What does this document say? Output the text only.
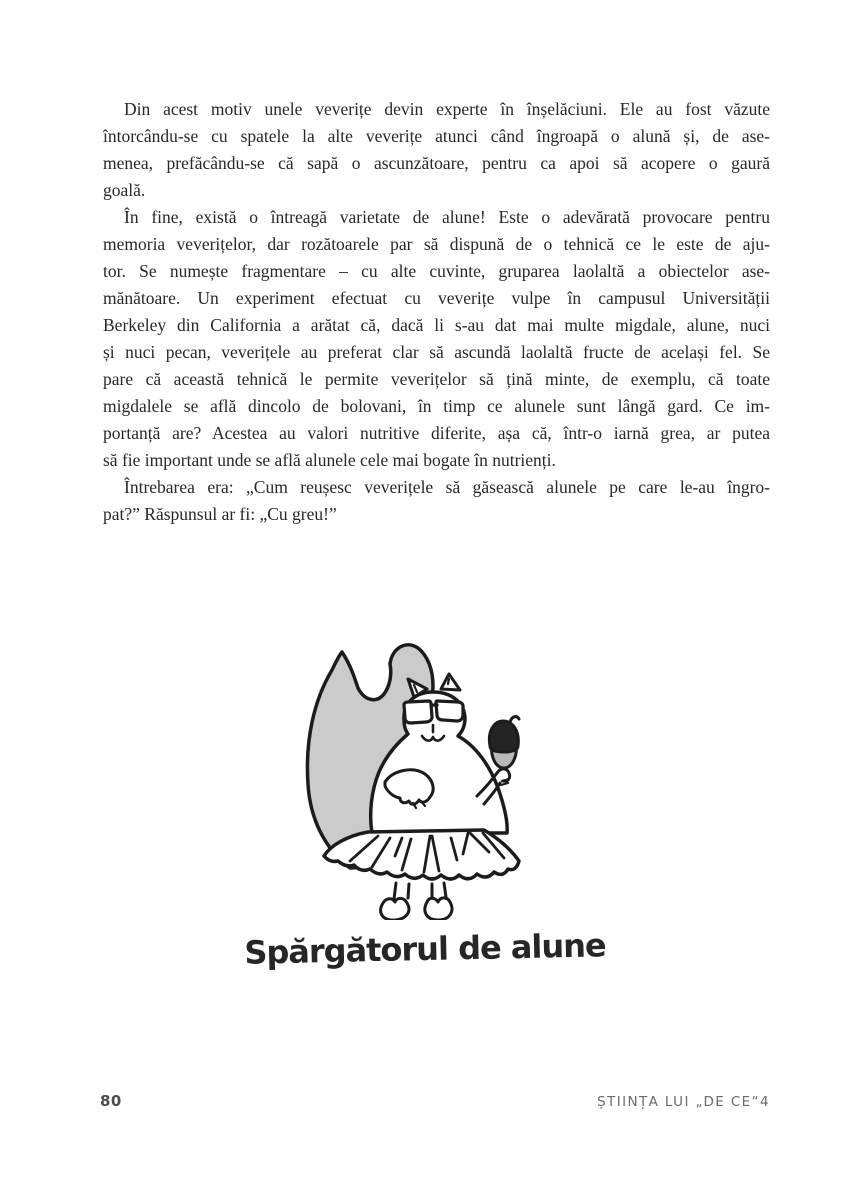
Din acest motiv unele veverițe devin experte în înșelăciuni. Ele au fost văzute
întorcându-se cu spatele la alte veverițe atunci când îngroapă o alună și, de ase-
menea, prefăcându-se că sapă o ascunzătoare, pentru ca apoi să acopere o gaură
goală.
În fine, există o întreagă varietate de alune! Este o adevărată provocare pentru
memoria veverițelor, dar rozătoarele par să dispună de o tehnică ce le este de aju-
tor. Se numește fragmentare – cu alte cuvinte, gruparea laolaltă a obiectelor ase-
mănătoare. Un experiment efectuat cu veverițe vulpe în campusul Universității
Berkeley din California a arătat că, dacă li s-au dat mai multe migdale, alune, nuci
și nuci pecan, veverițele au preferat clar să ascundă laolaltă fructe de același fel. Se
pare că această tehnică le permite veverițelor să țină minte, de exemplu, că toate
migdalele se află dincolo de bolovani, în timp ce alunele sunt lângă gard. Ce im-
portanță are? Acestea au valori nutritive diferite, așa că, într-o iarnă grea, ar putea
să fie important unde se află alunele cele mai bogate în nutrienți.
Întrebarea era: „Cum reușesc veverițele să găsească alunele pe care le-au îngro-
pat?” Răspunsul ar fi: „Cu greu!”
Spărgătorul de alune
80	ȘTIINȚA LUI „DE CE“4
